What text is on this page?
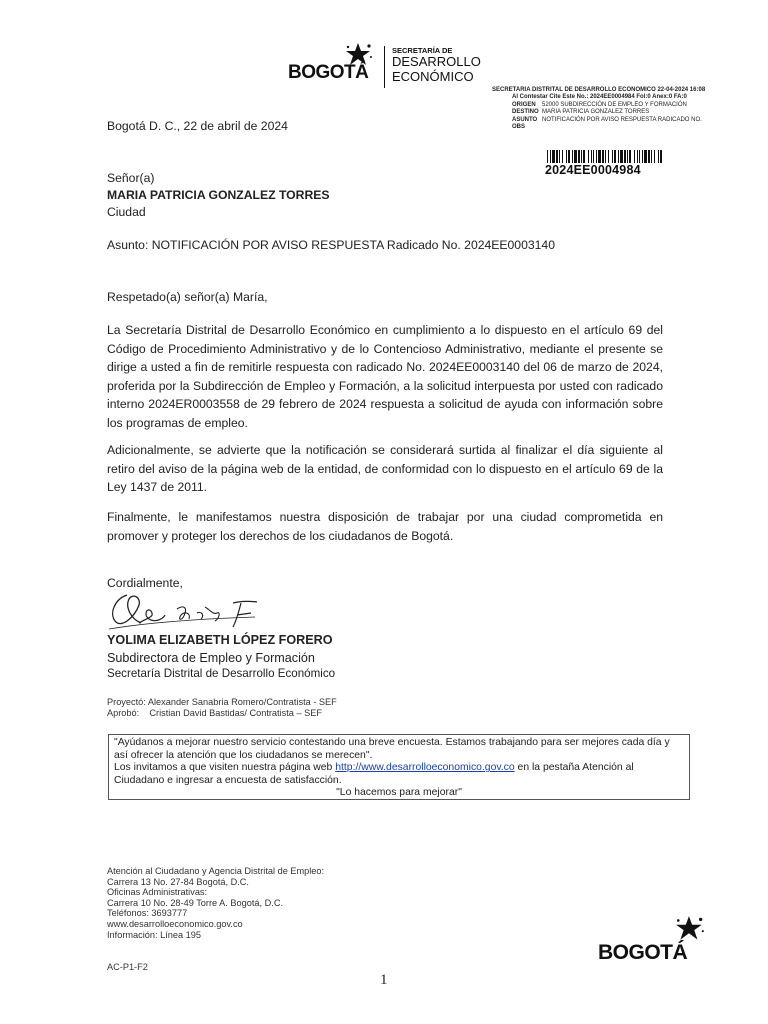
BOGOTÁ
SECRETARÍA DE
DESARROLLO
ECONÓMICO
SECRETARIA DISTRITAL DE DESARROLLO ECONOMICO 22-04-2024 16:08
Al Contestar Cite Este No.: 2024EE0004984 Fol:0 Anex:0 FA:0
ORIGEN 52000 SUBDIRECCIÓN DE EMPLEO Y FORMACIÓN
DESTINO MARIA PATRICIA GONZALEZ TORRES
ASUNTO NOTIFICACIÓN POR AVISO RESPUESTA RADICADO NO.
OBS
2024EE0004984
Bogotá D. C., 22 de abril de 2024
Señor(a)
MARIA PATRICIA GONZALEZ TORRES
Ciudad
Asunto: NOTIFICACIÓN POR AVISO RESPUESTA Radicado No. 2024EE0003140
Respetado(a) señor(a) María,
La Secretaría Distrital de Desarrollo Económico en cumplimiento a lo dispuesto en el artículo 69 del Código de Procedimiento Administrativo y de lo Contencioso Administrativo, mediante el presente se dirige a usted a fin de remitirle respuesta con radicado No. 2024EE0003140 del 06 de marzo de 2024, proferida por la Subdirección de Empleo y Formación, a la solicitud interpuesta por usted con radicado interno 2024ER0003558 de 29 febrero de 2024 respuesta a solicitud de ayuda con información sobre los programas de empleo.
Adicionalmente, se advierte que la notificación se considerará surtida al finalizar el día siguiente al retiro del aviso de la página web de la entidad, de conformidad con lo dispuesto en el artículo 69 de la Ley 1437 de 2011.
Finalmente, le manifestamos nuestra disposición de trabajar por una ciudad comprometida en promover y proteger los derechos de los ciudadanos de Bogotá.
Cordialmente,
YOLIMA ELIZABETH LÓPEZ FORERO
Subdirectora de Empleo y Formación
Secretaría Distrital de Desarrollo Económico
Proyectó: Alexander Sanabria Romero/Contratista - SEF
Aprobó:    Cristian David Bastidas/ Contratista – SEF
"Ayúdanos a mejorar nuestro servicio contestando una breve encuesta. Estamos trabajando para ser mejores cada día y así ofrecer la atención que los ciudadanos se merecen".
Los invitamos a que visiten nuestra página web http://www.desarrolloeconomico.gov.co en la pestaña Atención al Ciudadano e ingresar a encuesta de satisfacción.
"Lo hacemos para mejorar"
Atención al Ciudadano y Agencia Distrital de Empleo:
Carrera 13 No. 27-84 Bogotá, D.C.
Oficinas Administrativas:
Carrera 10 No. 28-49 Torre A. Bogotá, D.C.
Teléfonos: 3693777
www.desarrolloeconomico.gov.co
Información: Línea 195
AC-P1-F2
1
BOGOTÁ
